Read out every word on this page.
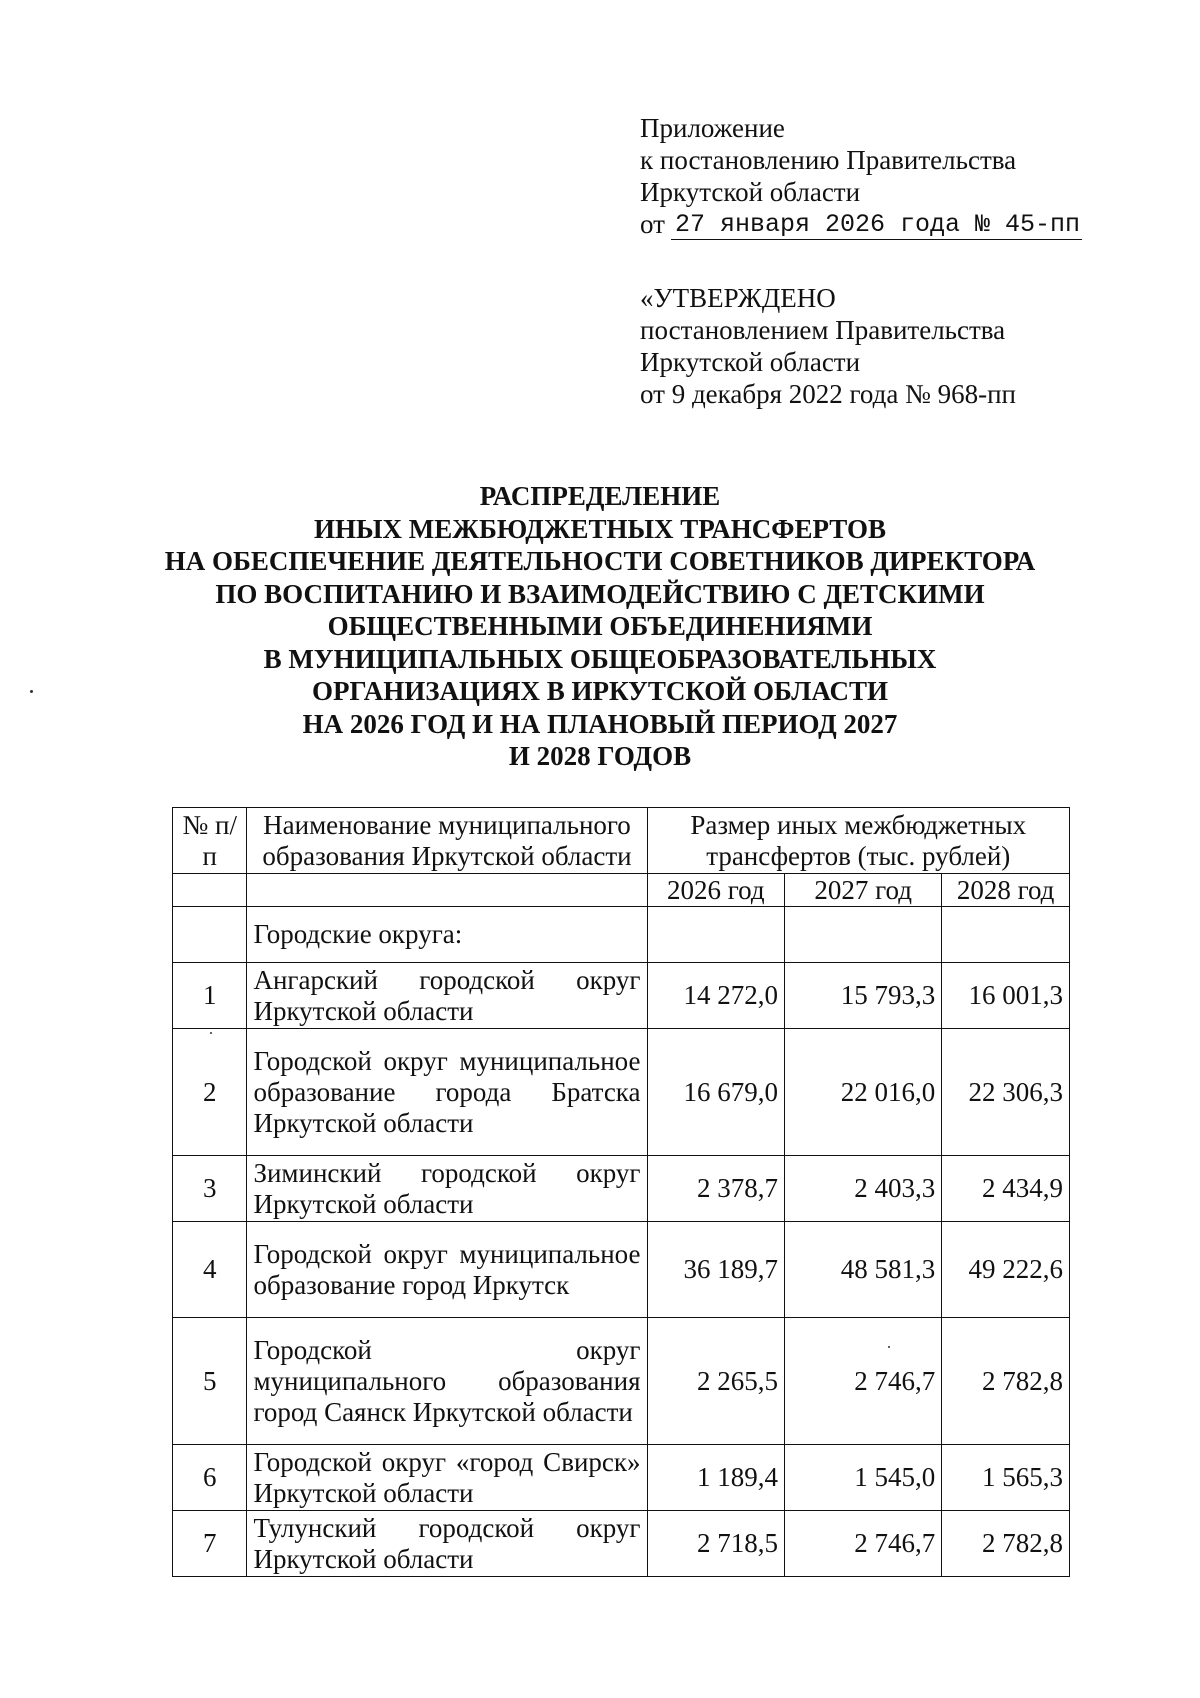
Приложение
к постановлению Правительства
Иркутской области
от 27 января 2026 года № 45-пп
«УТВЕРЖДЕНО
постановлением Правительства
Иркутской области
от 9 декабря 2022 года № 968-пп
РАСПРЕДЕЛЕНИЕ
ИНЫХ МЕЖБЮДЖЕТНЫХ ТРАНСФЕРТОВ
НА ОБЕСПЕЧЕНИЕ ДЕЯТЕЛЬНОСТИ СОВЕТНИКОВ ДИРЕКТОРА
ПО ВОСПИТАНИЮ И ВЗАИМОДЕЙСТВИЮ С ДЕТСКИМИ
ОБЩЕСТВЕННЫМИ ОБЪЕДИНЕНИЯМИ
В МУНИЦИПАЛЬНЫХ ОБЩЕОБРАЗОВАТЕЛЬНЫХ
ОРГАНИЗАЦИЯХ В ИРКУТСКОЙ ОБЛАСТИ
НА 2026 ГОД И НА ПЛАНОВЫЙ ПЕРИОД 2027
И 2028 ГОДОВ
№ п/п	Наименование муниципального образования Иркутской области	Размер иных межбюджетных трансфертов (тыс. рублей)		
		2026 год	2027 год	2028 год
	Городские округа:			
1	Ангарский городской округ Иркутской области	14 272,0	15 793,3	16 001,3
2	Городской округ муниципальное образование города Братска Иркутской области	16 679,0	22 016,0	22 306,3
3	Зиминский городской округ Иркутской области	2 378,7	2 403,3	2 434,9
4	Городской округ муниципальное образование город Иркутск	36 189,7	48 581,3	49 222,6
5	Городской округ муниципального образования город Саянск Иркутской области	2 265,5	2 746,7	2 782,8
6	Городской округ «город Свирск» Иркутской области	1 189,4	1 545,0	1 565,3
7	Тулунский городской округ Иркутской области	2 718,5	2 746,7	2 782,8
